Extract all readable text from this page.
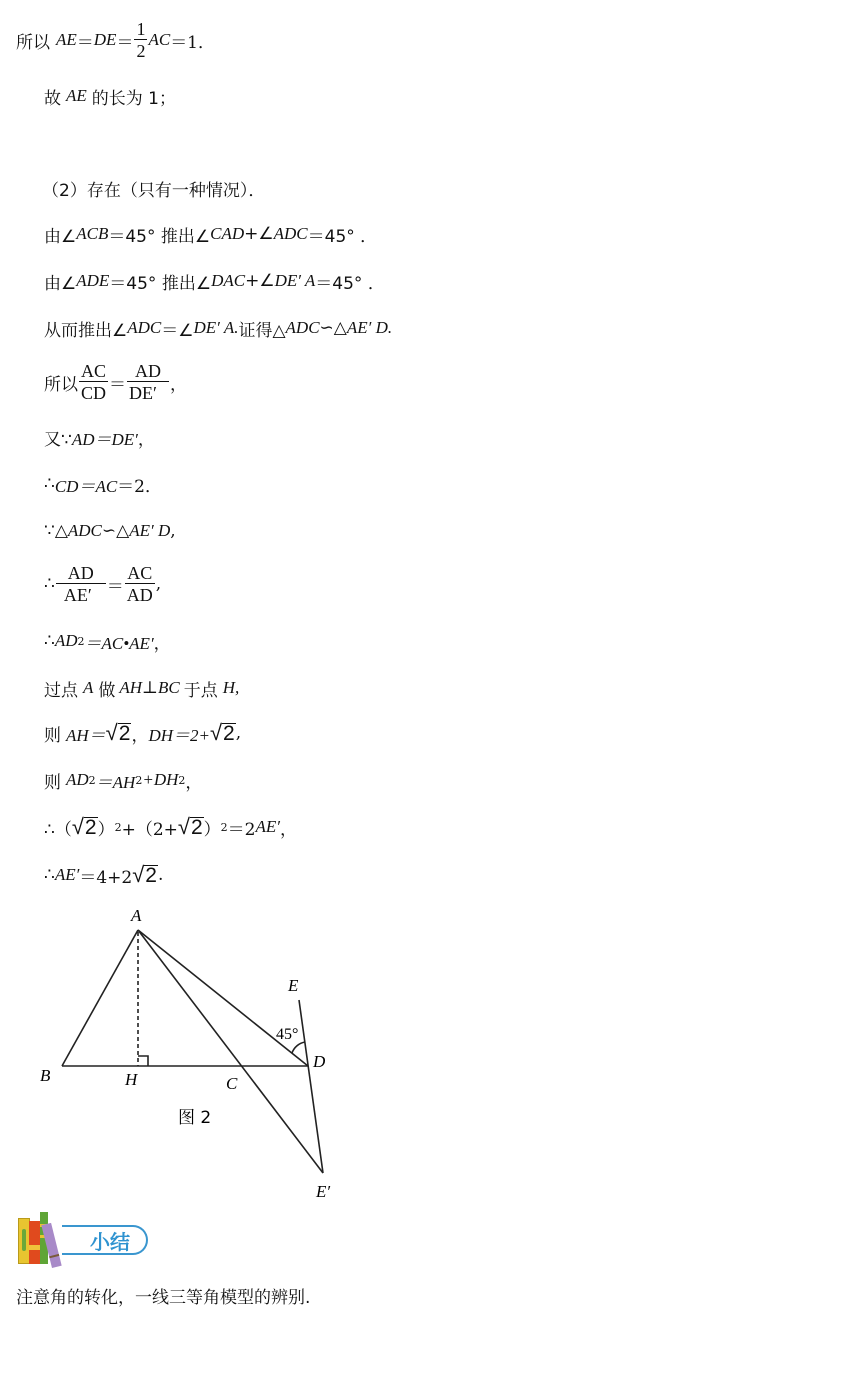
所以 AE ＝ DE ＝ $\frac{1}{2}$ AC ＝1．
故 AE 的长为 1；
（2）存在（只有一种情况）．
由∠ ACB ＝45° 推出∠ CAD +∠ ADC ＝45° ．
由∠ ADE ＝45° 推出∠ DAC +∠ DE′ A ＝45° ．
从而推出∠ ADC ＝∠ DE′ A. 证得△ ADC ∽△ AE′ D.
所以 $\frac{AC}{CD} = \frac{AD}{DE'}$ ，
又∵ AD＝DE′ ，
∴ CD＝AC ＝2．
∵△ ADC ∽△ AE′ D ,
∴ $\frac{AD}{AE'} = \frac{AC}{AD}$ ,
∴ AD 2 ＝AC•AE′ ，
过点 A 做 AH⊥BC 于点 H,
则 AH＝ √ 2 ， DH＝2+ √ 2 ,
则 AD 2 ＝AH 2 +DH 2 ，
∴（ √ 2 ） 2 +（2+ √ 2 ） 2 ＝2 AE′ ，
∴ AE′ ＝4+2 √ 2 .
A
B	H	C
D
E
E′
45°
图 2
小结
注意角的转化，一线三等角模型的辨别.
